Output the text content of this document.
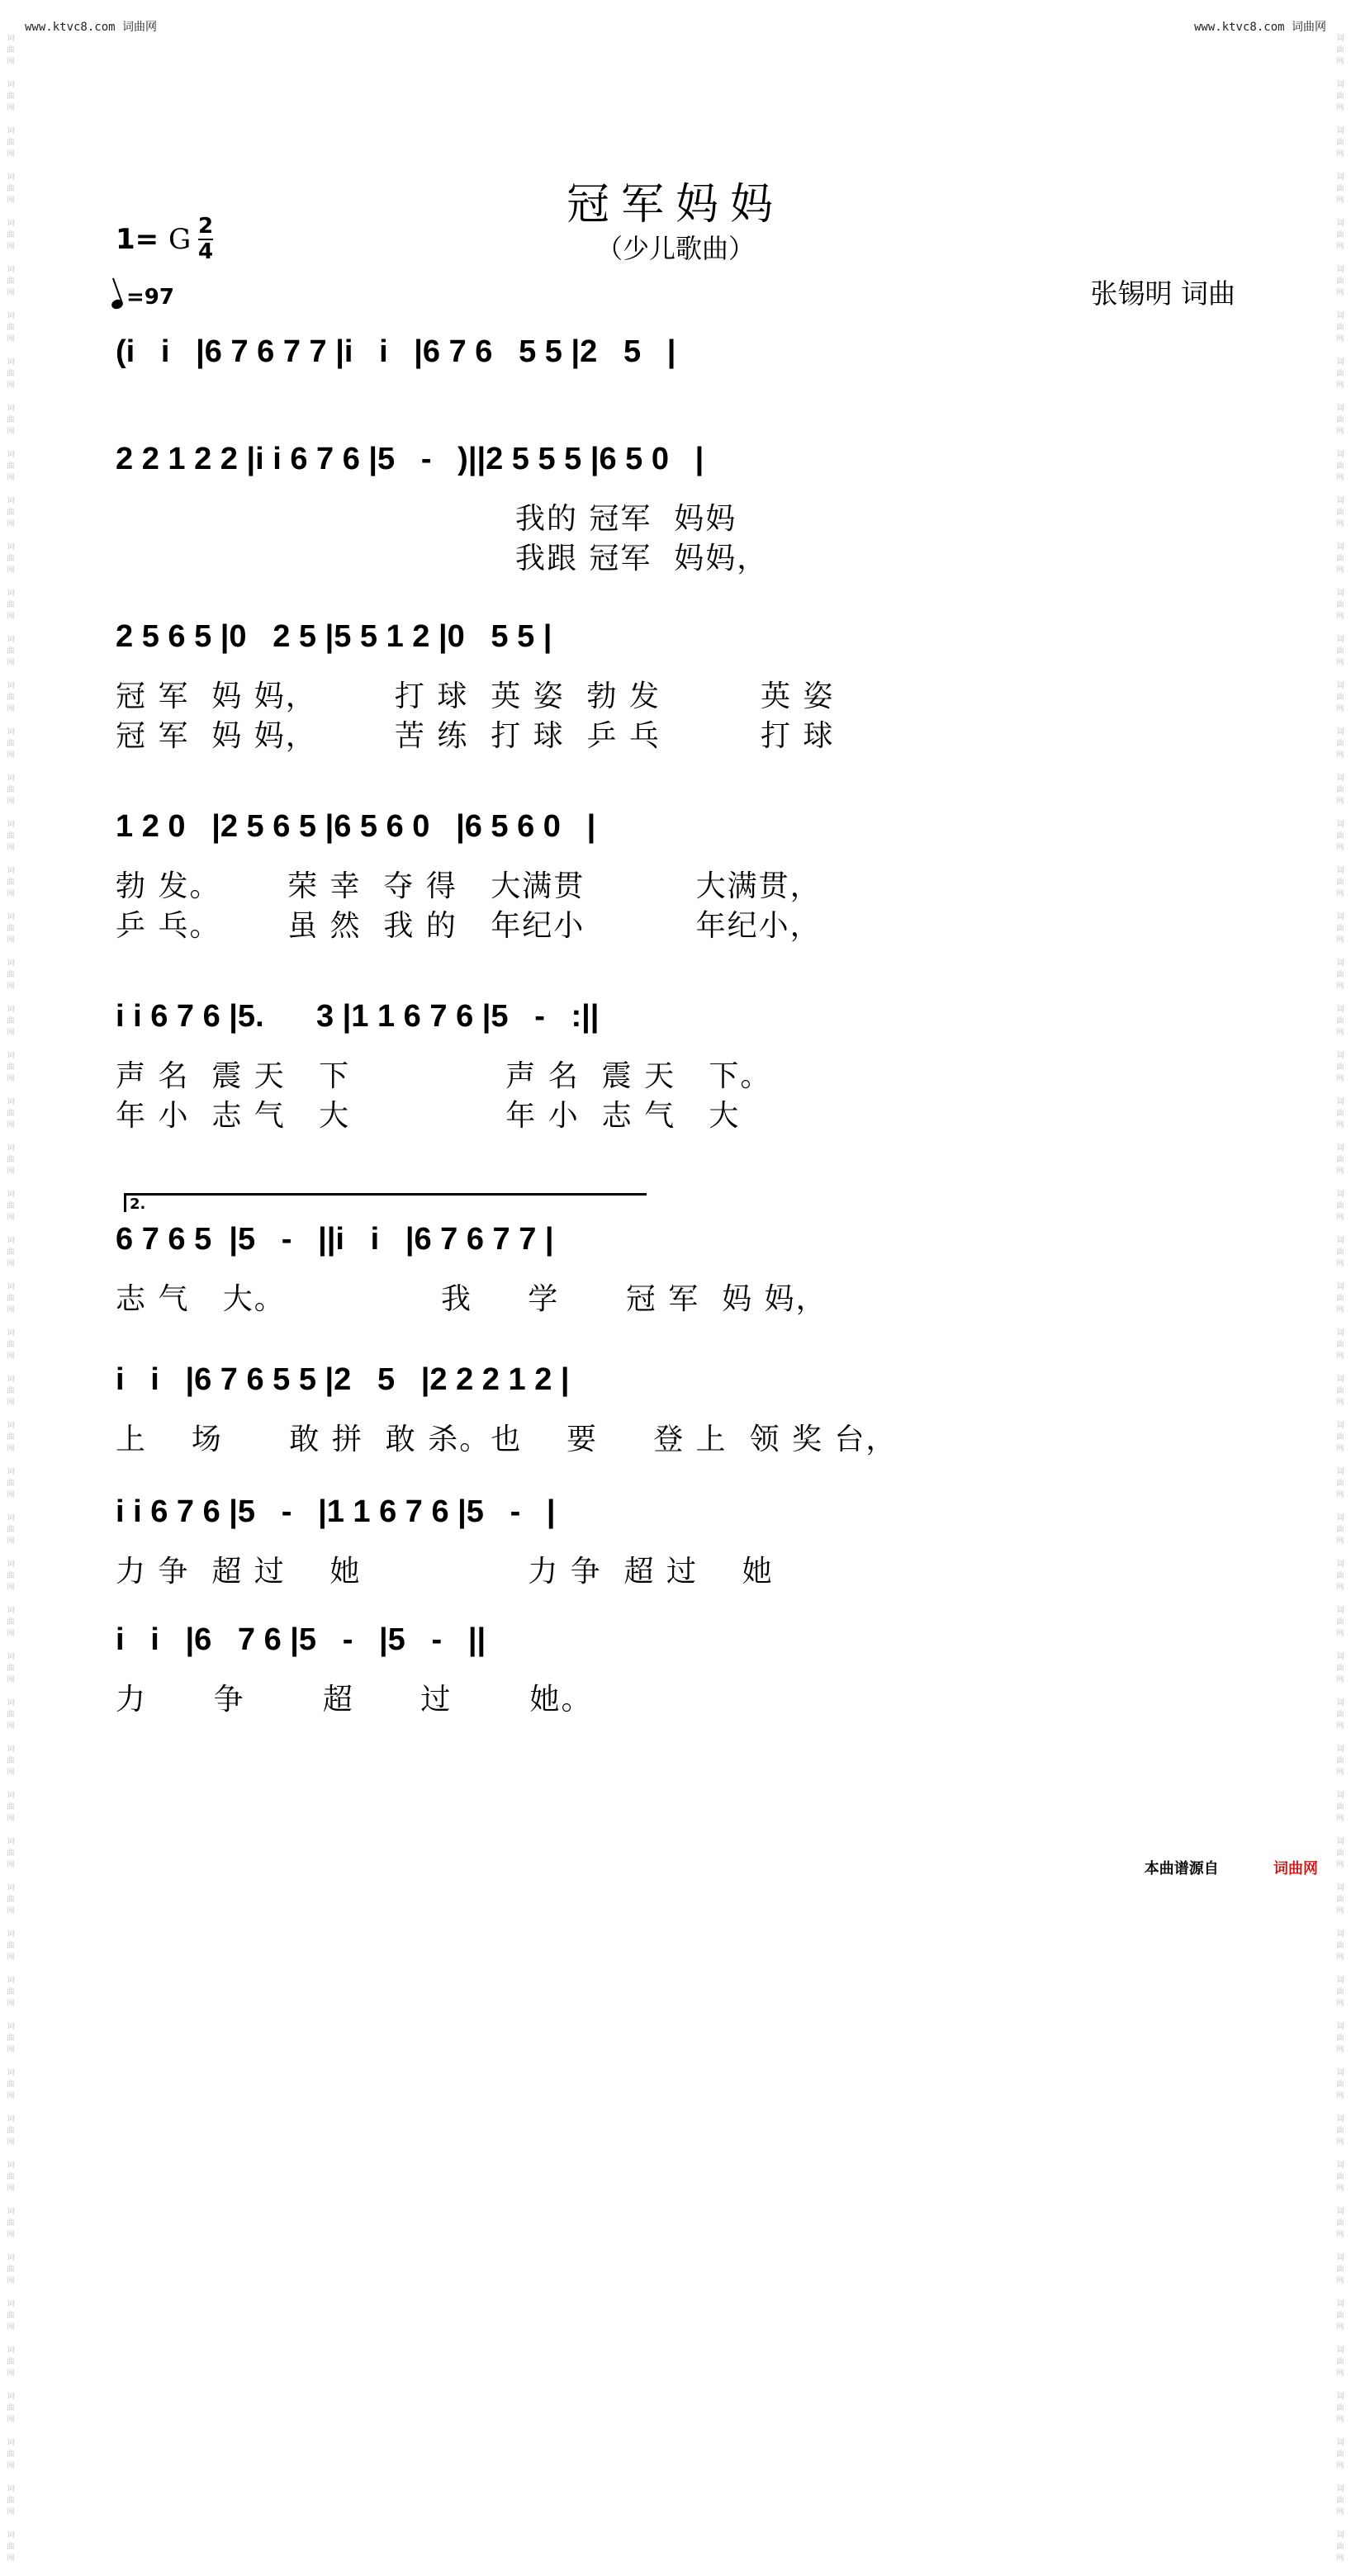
www.ktvc8.com 词曲网	www.ktvc8.com 词曲网
词
曲
网

词
曲
网

词
曲
网

词
曲
网

词
曲
网

词
曲
网

词
曲
网

词
曲
网

词
曲
网

词
曲
网

词
曲
网

词
曲
网

词
曲
网

词
曲
网

词
曲
网

词
曲
网

词
曲
网

词
曲
网

词
曲
网

词
曲
网

词
曲
网

词
曲
网

词
曲
网

词
曲
网

词
曲
网

词
曲
网

词
曲
网

词
曲
网

词
曲
网

词
曲
网

词
曲
网

词
曲
网

词
曲
网

词
曲
网

词
曲
网

词
曲
网

词
曲
网

词
曲
网

词
曲
网

词
曲
网

词
曲
网

词
曲
网

词
曲
网

词
曲
网

词
曲
网

词
曲
网

词
曲
网

词
曲
网

词
曲
网

词
曲
网

词
曲
网

词
曲
网

词
曲
网

词
曲
网

词
曲
网

词
曲
网

词
曲
网

词
曲
网

词
曲
网

词
曲
网

词
曲
网

词
曲
网

词
曲
网

词
曲
网

词
曲
网

词
曲
网

词
曲
网

词
曲
网

词
曲
网

词
曲
网

词
曲
网

词
曲
网

词
曲
网

词
曲
网

词
曲
网

词
曲
网

词
曲
网

词
曲
网

词
曲
网

词
曲
网

词
曲
网

词
曲
网

词
曲
网

词
曲
网

词
曲
网

词
曲
网

词
曲
网

词
曲
网

词
曲
网

词
曲
网

词
曲
网

词
曲
网

词
曲
网

词
曲
网

词
曲
网

词
曲
网

词
曲
网

词
曲
网

词
曲
网

词
曲
网

词
曲
网

词
曲
网

词
曲
网

词
曲
网

词
曲
网

词
曲
网

词
曲
网

词
曲
网

词
曲
网

词
曲
网

冠军妈妈
（少儿歌曲）
1= G 2
4
=97	张锡明 词曲
(i   i   |6 7 6 7 7 |i   i   |6 7 6   5 5 |2   5   |
2 2 1 2 2 |i i 6 7 6 |5   -   )||2 5 5 5 |6 5 0   |
我的 冠军  妈妈
我跟 冠军  妈妈，
2 5 6 5 |0   2 5 |5 5 1 2 |0   5 5 |
冠 军  妈 妈，       打 球  英 姿  勃 发         英 姿
冠 军  妈 妈，       苦 练  打 球  乒 乓         打 球
1 2 0   |2 5 6 5 |6 5 6 0   |6 5 6 0   |
勃 发。      荣 幸  夺 得   大满贯          大满贯，
乒 乓。      虽 然  我 的   年纪小          年纪小，
i i 6 7 6 |5.      3 |1 1 6 7 6 |5   -   :||
声 名  震 天   下              声 名  震 天   下。
年 小  志 气   大              年 小  志 气   大
6 7 6 5  |5   -   ||i   i   |6 7 6 7 7 |
志 气   大。              我     学      冠 军  妈 妈，
i   i   |6 7 6 5 5 |2   5   |2 2 2 1 2 |
上    场      敢 拼  敢 杀。也    要     登 上  领 奖 台，
i i 6 7 6 |5   -   |1 1 6 7 6 |5   -   |
力 争  超 过    她               力 争  超 过    她
i   i   |6   7 6 |5   -   |5   -   ||
力      争       超      过       她。
2.
本曲谱源自	词曲网
